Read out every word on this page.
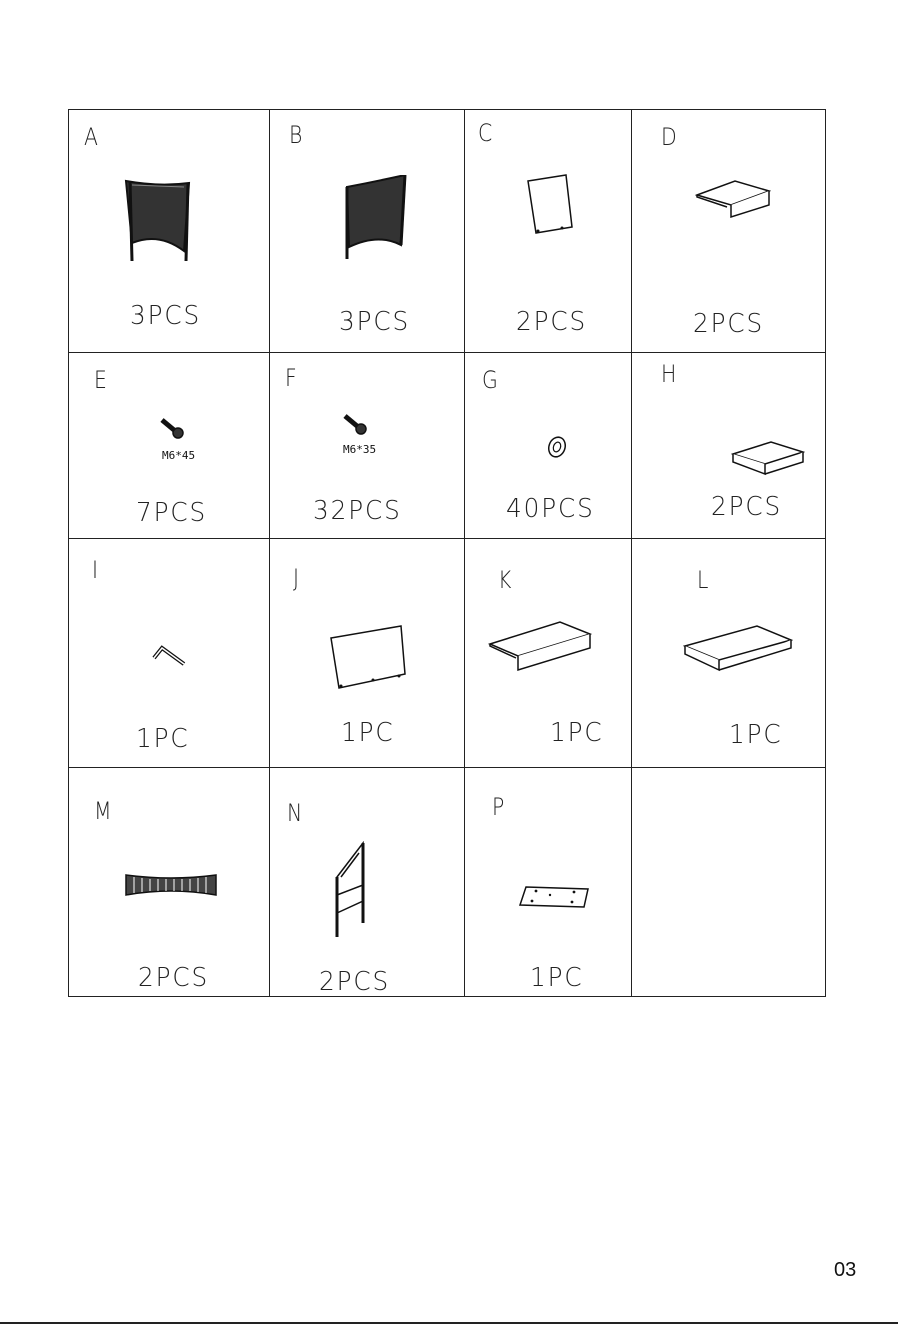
A
3PCS
B
3PCS
C
2PCS
D
2PCS
E
M6*45
7PCS
F
M6*35
32PCS
G
40PCS
H
2PCS
I
1PC
J
1PC
K
1PC
L
1PC
M
2PCS
N
2PCS
P
1PC
03
